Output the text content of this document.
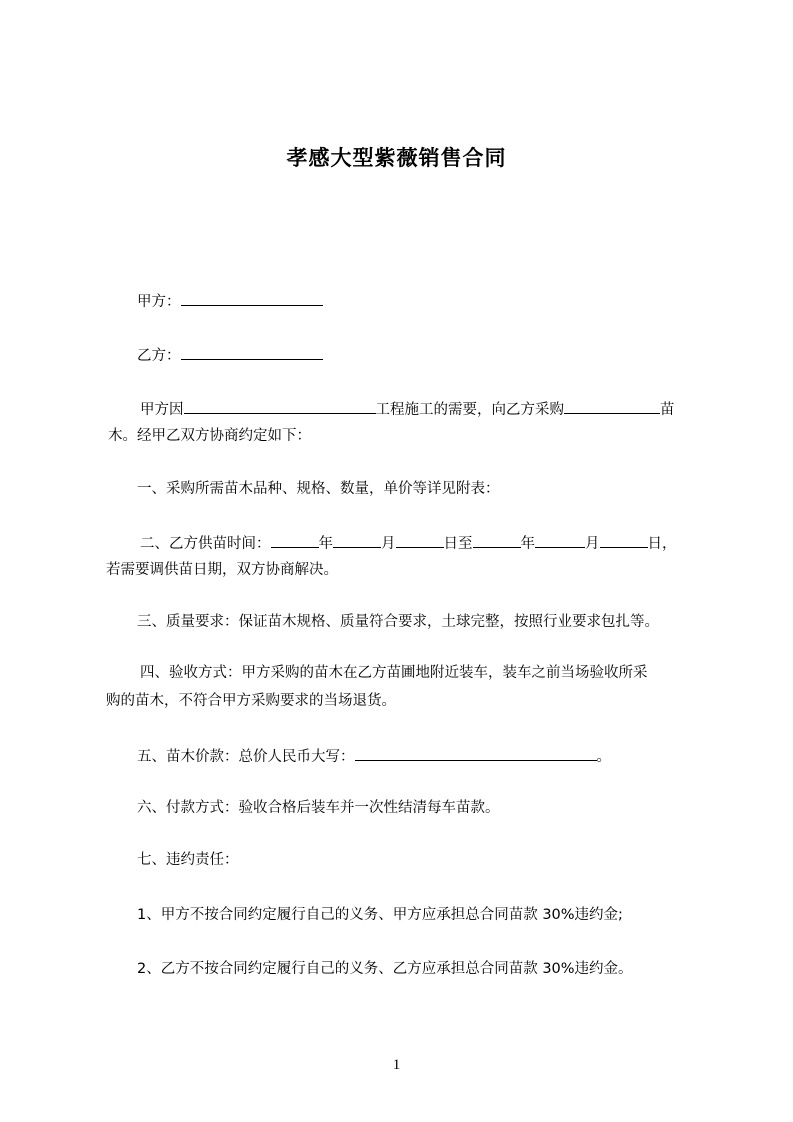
孝感大型紫薇销售合同
甲方：
乙方：
甲方因	工程施工的需要，向乙方采购	苗
木。经甲乙双方协商约定如下：
一、采购所需苗木品种、规格、数量，单价等详见附表：
二、乙方供苗时间：	年	月	日至	年	月	日，
若需要调供苗日期，双方协商解决。
三、质量要求：保证苗木规格、质量符合要求，土球完整，按照行业要求包扎等。
四、验收方式：甲方采购的苗木在乙方苗圃地附近装车，装车之前当场验收所采
购的苗木，不符合甲方采购要求的当场退货。
五、苗木价款：总价人民币大写：	。
六、付款方式：验收合格后装车并一次性结清每车苗款。
七、违约责任：
1、甲方不按合同约定履行自己的义务、甲方应承担总合同苗款 30%违约金;
2、乙方不按合同约定履行自己的义务、乙方应承担总合同苗款 30%违约金。
1
